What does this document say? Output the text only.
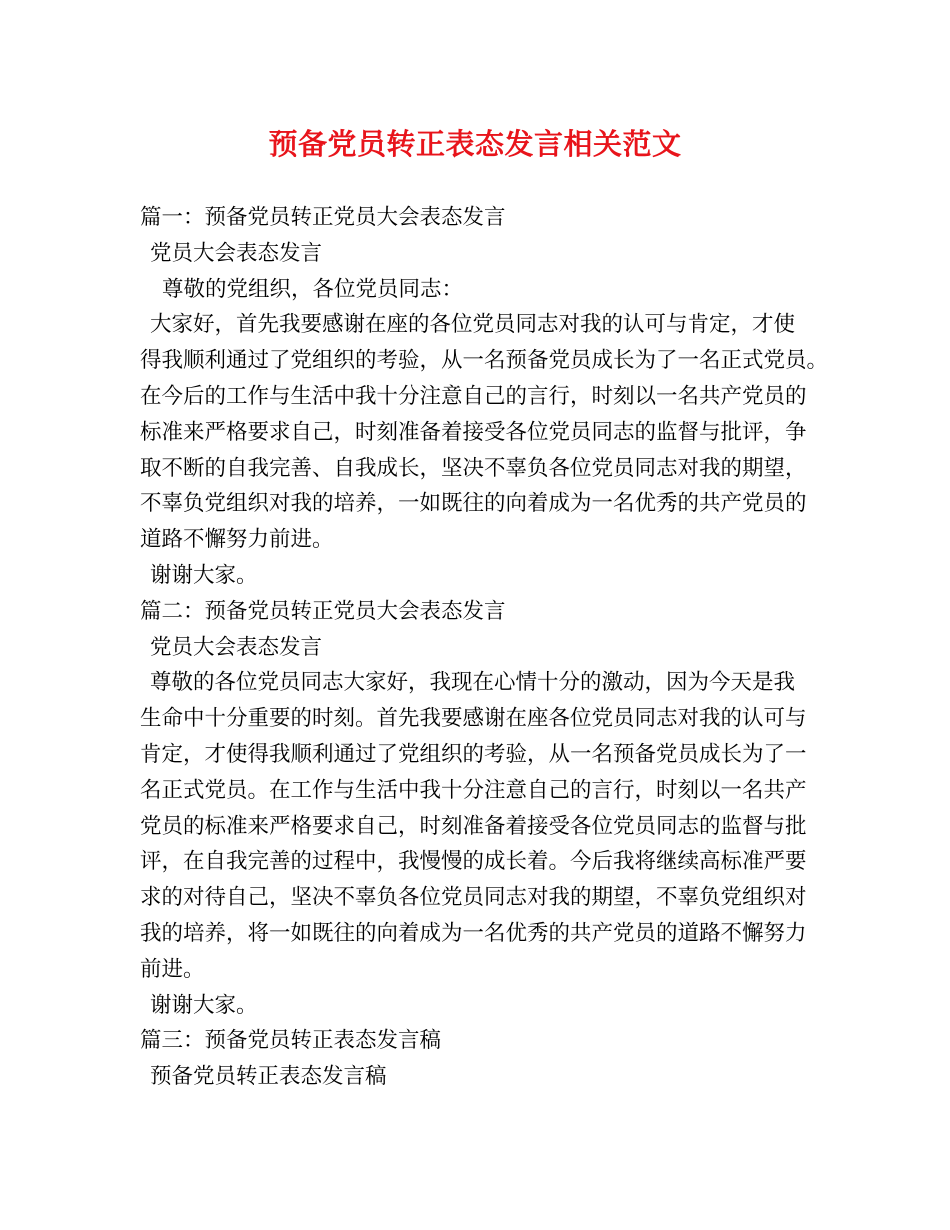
预备党员转正表态发言相关范文
篇一：预备党员转正党员大会表态发言
党员大会表态发言
尊敬的党组织，各位党员同志：
大家好，首先我要感谢在座的各位党员同志对我的认可与肯定，才使
得我顺利通过了党组织的考验，从一名预备党员成长为了一名正式党员。
在今后的工作与生活中我十分注意自己的言行，时刻以一名共产党员的
标准来严格要求自己，时刻准备着接受各位党员同志的监督与批评，争
取不断的自我完善、自我成长，坚决不辜负各位党员同志对我的期望，
不辜负党组织对我的培养，一如既往的向着成为一名优秀的共产党员的
道路不懈努力前进。
谢谢大家。
篇二：预备党员转正党员大会表态发言
党员大会表态发言
尊敬的各位党员同志大家好，我现在心情十分的激动，因为今天是我
生命中十分重要的时刻。首先我要感谢在座各位党员同志对我的认可与
肯定，才使得我顺利通过了党组织的考验，从一名预备党员成长为了一
名正式党员。在工作与生活中我十分注意自己的言行，时刻以一名共产
党员的标准来严格要求自己，时刻准备着接受各位党员同志的监督与批
评，在自我完善的过程中，我慢慢的成长着。今后我将继续高标准严要
求的对待自己，坚决不辜负各位党员同志对我的期望，不辜负党组织对
我的培养，将一如既往的向着成为一名优秀的共产党员的道路不懈努力
前进。
谢谢大家。
篇三：预备党员转正表态发言稿
预备党员转正表态发言稿
